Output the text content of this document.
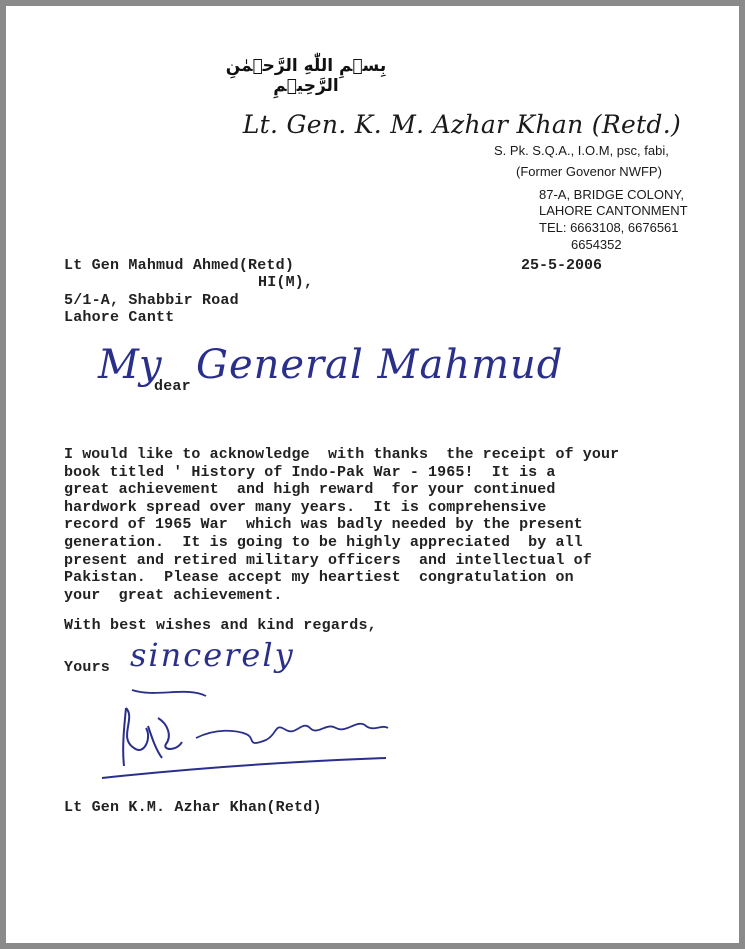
بِسۡمِ اللّٰهِ الرَّحۡمٰنِ الرَّحِیۡمِ
Lt. Gen. K. M. Azhar Khan (Retd.)
S. Pk. S.Q.A., I.O.M, psc, fabi,
(Former Govenor NWFP)
87-A, BRIDGE COLONY,
LAHORE CANTONMENT
TEL: 6663108, 6676561
6654352
Lt Gen Mahmud Ahmed(Retd)	25-5-2006
HI(M),
5/1-A, Shabbir Road
Lahore Cantt
My
dear General Mahmud
I would like to acknowledge  with thanks  the receipt of your
book titled ' History of Indo-Pak War - 1965!  It is a
great achievement  and high reward  for your continued
hardwork spread over many years.  It is comprehensive
record of 1965 War  which was badly needed by the present
generation.  It is going to be highly appreciated  by all
present and retired military officers  and intellectual of
Pakistan.  Please accept my heartiest  congratulation on
your  great achievement.
With best wishes and kind regards,
Yours sincerely
Lt Gen K.M. Azhar Khan(Retd)
